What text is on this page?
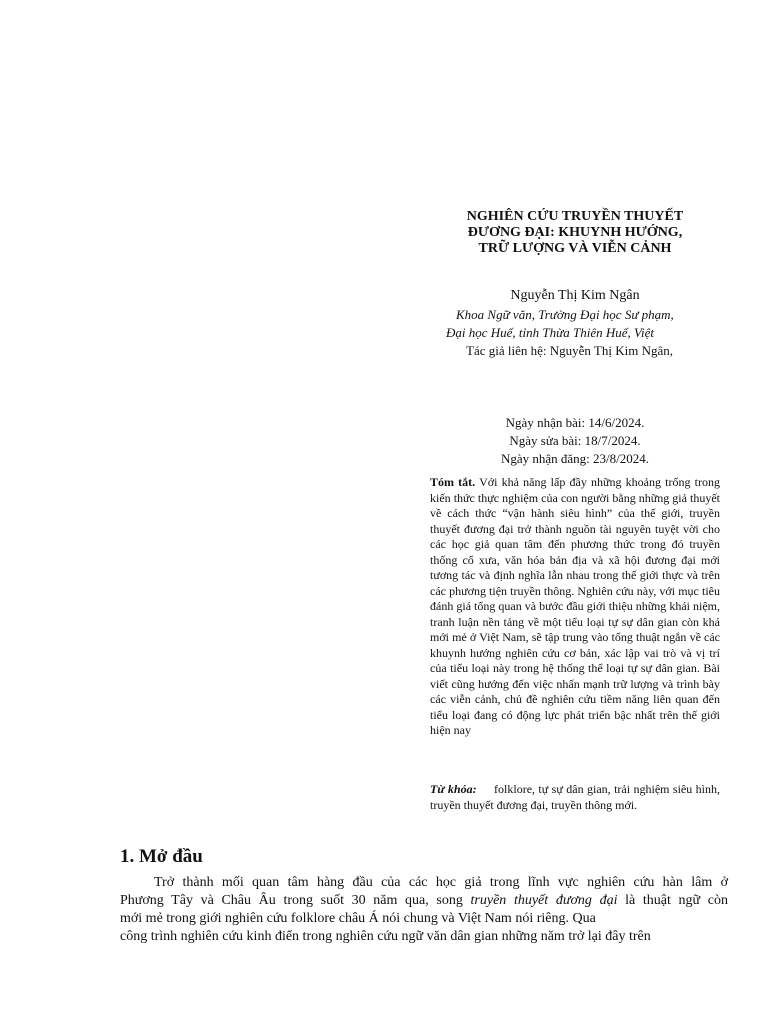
NGHIÊN CỨU TRUYỀN THUYẾT
ĐƯƠNG ĐẠI: KHUYNH HƯỚNG,
TRỮ LƯỢNG VÀ VIỄN CẢNH
Nguyễn Thị Kim Ngân
Khoa Ngữ văn, Trường Đại học Sư phạm,
Đại học Huế, tỉnh Thừa Thiên Huế, Việt
Tác giả liên hệ: Nguyễn Thị Kim Ngân,
Ngày nhận bài: 14/6/2024.
Ngày sửa bài: 18/7/2024.
Ngày nhận đăng: 23/8/2024.
Tóm tắt. Với khả năng lấp đầy những khoảng trống trong kiến thức thực nghiệm của con người bằng những giả thuyết về cách thức “vận hành siêu hình” của thế giới, truyền thuyết đương đại trở thành nguồn tài nguyên tuyệt vời cho các học giả quan tâm đến phương thức trong đó truyền thống cổ xưa, văn hóa bản địa và xã hội đương đại mới tương tác và định nghĩa lẫn nhau trong thế giới thực và trên các phương tiện truyền thông. Nghiên cứu này, với mục tiêu đánh giá tổng quan và bước đầu giới thiệu những khái niệm, tranh luận nền tảng về một tiểu loại tự sự dân gian còn khá mới mẻ ở Việt Nam, sẽ tập trung vào tổng thuật ngắn về các khuynh hướng nghiên cứu cơ bản, xác lập vai trò và vị trí của tiểu loại này trong hệ thống thể loại tự sự dân gian. Bài viết cũng hướng đến việc nhấn mạnh trữ lượng và trình bày các viễn cảnh, chủ đề nghiên cứu tiềm năng liên quan đến tiểu loại đang có động lực phát triển bậc nhất trên thế giới hiện nay
Từ khóa: folklore, tự sự dân gian, trải nghiệm siêu hình, truyền thuyết đương đại, truyền thông mới.
1. Mở đầu
Trở thành mối quan tâm hàng đầu của các học giả trong lĩnh vực nghiên cứu hàn lâm ở
Phương Tây và Châu Âu trong suốt 30 năm qua, song truyền thuyết đương đại là thuật ngữ còn
mới mẻ trong giới nghiên cứu folklore châu Á nói chung và Việt Nam nói riêng. Qua
công trình nghiên cứu kinh điển trong nghiên cứu ngữ văn dân gian những năm trở lại đây trên
